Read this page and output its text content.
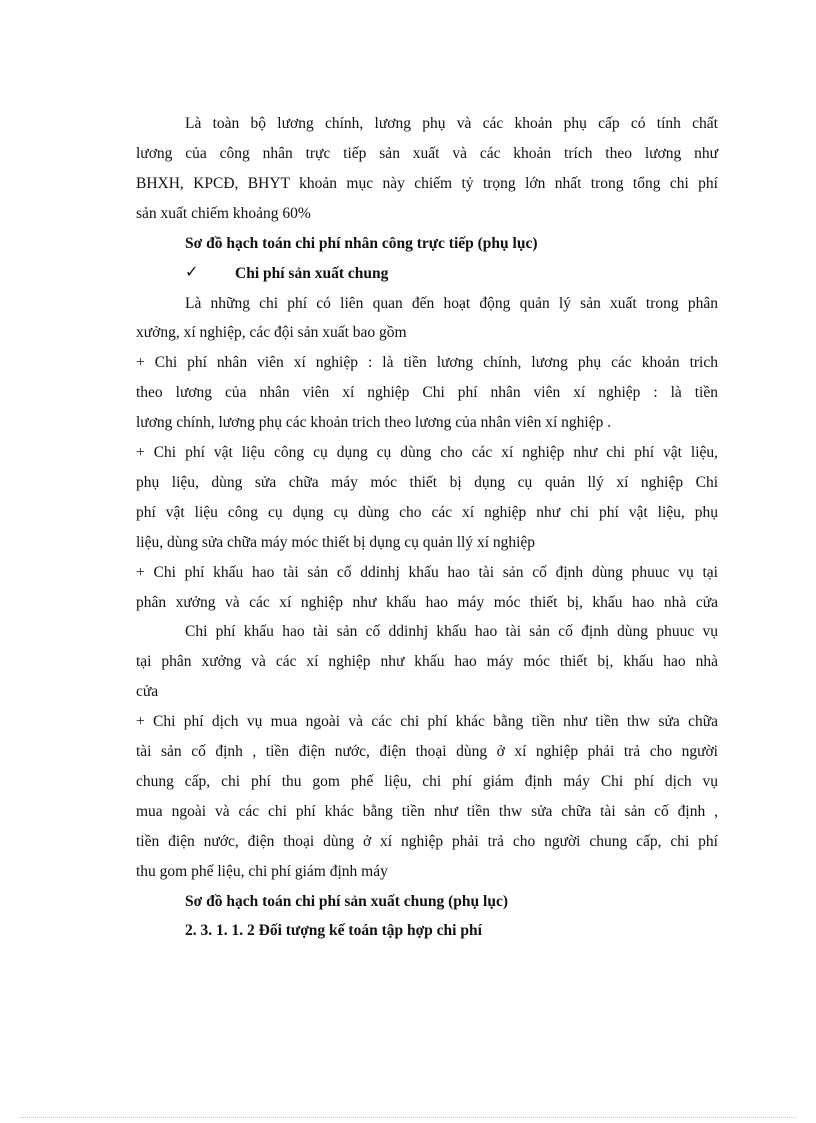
Là toàn bộ lương chính, lương phụ và các khoản phụ cấp có tính chất
lương của công nhân trực tiếp sản xuất và các khoản trích theo lương như
BHXH, KPCĐ, BHYT khoản mục này chiếm tỷ trọng lớn nhất trong tổng chi phí
sản xuất chiếm khoảng 60%
Sơ đồ hạch toán chi phí nhân công trực tiếp (phụ lục)
✓ Chi phí sản xuất chung
Là những chi phí có liên quan đến hoạt động quản lý sản xuất trong phân
xưởng, xí nghiệp, các đội sản xuất bao gồm
+ Chi phí nhân viên xí nghiệp : là tiền lương chính, lương phụ các khoản trich
theo lương của nhân viên xí nghiệp Chi phí nhân viên xí nghiệp : là tiền
lương chính, lương phụ các khoản trich theo lương của nhân viên xí nghiệp .
+ Chi phí vật liệu công cụ dụng cụ dùng cho các xí nghiệp như chi phí vật liệu,
phụ liệu, dùng sửa chữa máy móc thiết bị dụng cụ quản llý xí nghiệp Chi
phí vật liệu công cụ dụng cụ dùng cho các xí nghiệp như chi phí vật liệu, phụ
liệu, dùng sửa chữa máy móc thiết bị dụng cụ quản llý xí nghiệp
+ Chi phí khấu hao tài sản cố ddinhj khấu hao tài sản cố định dùng phuuc vụ tại
phân xưởng và các xí nghiệp như khấu hao máy móc thiết bị, khấu hao nhà cửa
Chi phí khấu hao tài sản cố ddinhj khấu hao tài sản cố định dùng phuuc vụ
tại phân xưởng và các xí nghiệp như khấu hao máy móc thiết bị, khấu hao nhà
cửa
+ Chi phí dịch vụ mua ngoài và các chi phí khác bằng tiền như tiền thw sửa chữa
tài sản cố định , tiền điện nước, điện thoại dùng ở xí nghiệp phải trả cho người
chung cấp, chi phí thu gom phế liệu, chi phí giám định máy Chi phí dịch vụ
mua ngoài và các chi phí khác bằng tiền như tiền thw sửa chữa tài sản cố định ,
tiền điện nước, điện thoại dùng ở xí nghiệp phải trả cho người chung cấp, chi phí
thu gom phế liệu, chi phí giám định máy
Sơ đồ hạch toán chi phí sản xuất chung (phụ lục)
2. 3. 1. 1. 2 Đối tượng kế toán tập hợp chi phí
